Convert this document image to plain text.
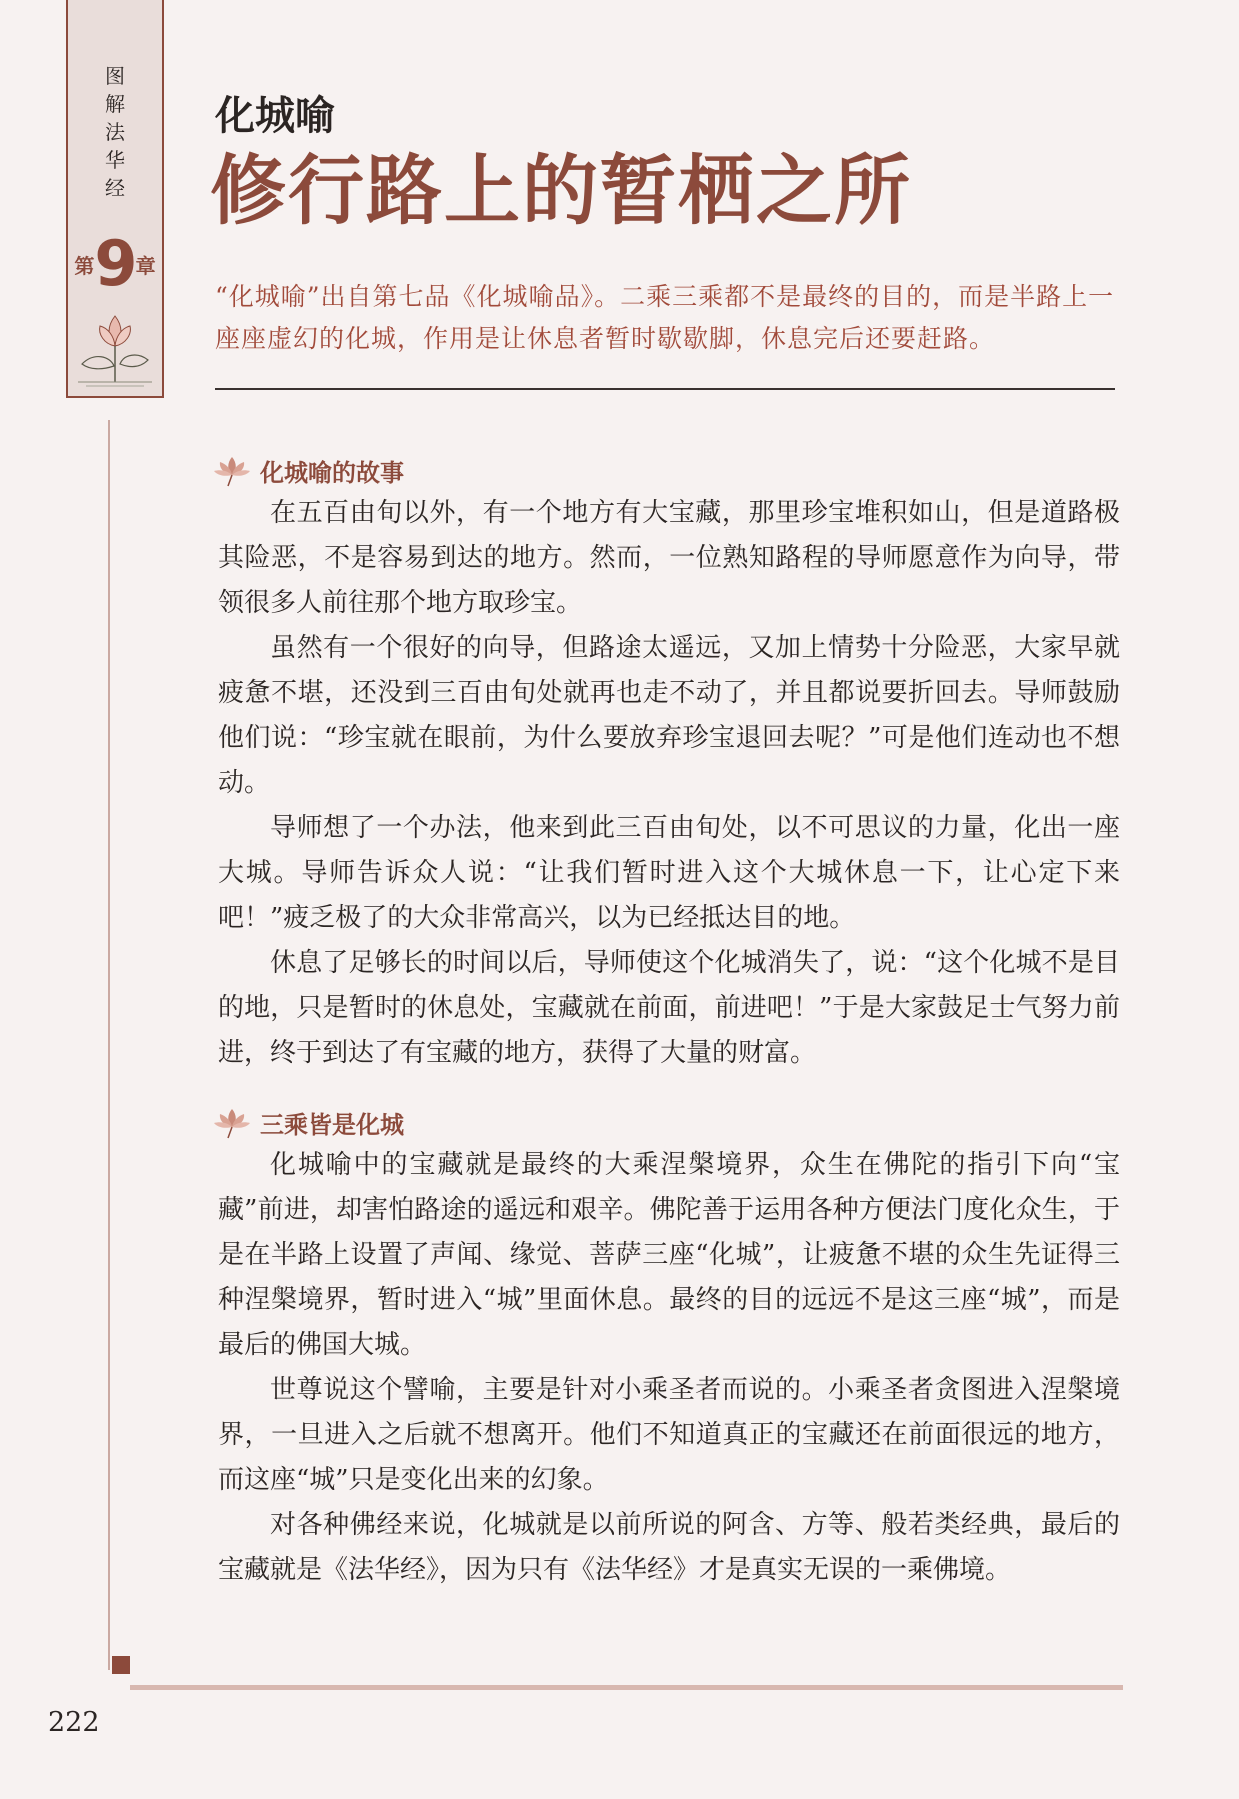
图
解
法
华
经
第9章
化城喻
修行路上的暂栖之所

“化城喻”出自第七品《化城喻品》。二乘三乘都不是最终的目的，而是半路上一座座虚幻的化城，作用是让休息者暂时歇歇脚，休息完后还要赶路。

化城喻的故事

在五百由旬以外，有一个地方有大宝藏，那里珍宝堆积如山，但是道路极其险恶，不是容易到达的地方。然而，一位熟知路程的导师愿意作为向导，带领很多人前往那个地方取珍宝。

虽然有一个很好的向导，但路途太遥远，又加上情势十分险恶，大家早就疲惫不堪，还没到三百由旬处就再也走不动了，并且都说要折回去。导师鼓励他们说：“珍宝就在眼前，为什么要放弃珍宝退回去呢？”可是他们连动也不想动。

导师想了一个办法，他来到此三百由旬处，以不可思议的力量，化出一座大城。导师告诉众人说：“让我们暂时进入这个大城休息一下，让心定下来吧！”疲乏极了的大众非常高兴，以为已经抵达目的地。

休息了足够长的时间以后，导师使这个化城消失了，说：“这个化城不是目的地，只是暂时的休息处，宝藏就在前面，前进吧！”于是大家鼓足士气努力前进，终于到达了有宝藏的地方，获得了大量的财富。

三乘皆是化城

化城喻中的宝藏就是最终的大乘涅槃境界，众生在佛陀的指引下向“宝藏”前进，却害怕路途的遥远和艰辛。佛陀善于运用各种方便法门度化众生，于是在半路上设置了声闻、缘觉、菩萨三座“化城”，让疲惫不堪的众生先证得三种涅槃境界，暂时进入“城”里面休息。最终的目的远远不是这三座“城”，而是最后的佛国大城。

世尊说这个譬喻，主要是针对小乘圣者而说的。小乘圣者贪图进入涅槃境界，一旦进入之后就不想离开。他们不知道真正的宝藏还在前面很远的地方，而这座“城”只是变化出来的幻象。

对各种佛经来说，化城就是以前所说的阿含、方等、般若类经典，最后的宝藏就是《法华经》，因为只有《法华经》才是真实无误的一乘佛境。

222
